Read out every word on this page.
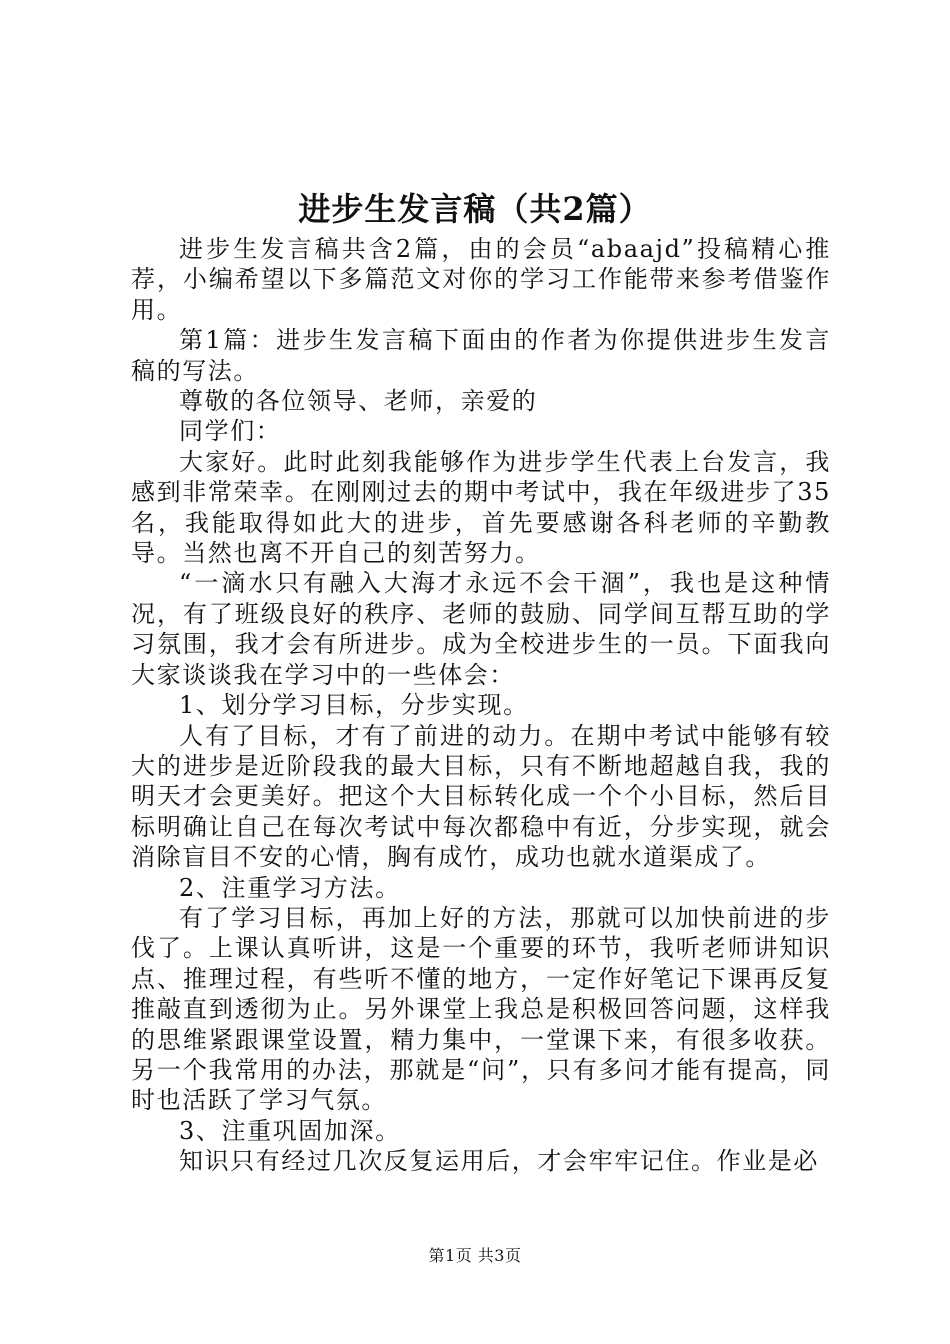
进步生发言稿（共2篇）

进步生发言稿共含2篇，由的会员“abaajd”投稿精心推荐，小编希望以下多篇范文对你的学习工作能带来参考借鉴作用。

第1篇：进步生发言稿下面由的作者为你提供进步生发言稿的写法。

尊敬的各位领导、老师，亲爱的

同学们：

大家好。此时此刻我能够作为进步学生代表上台发言，我感到非常荣幸。在刚刚过去的期中考试中，我在年级进步了35名，我能取得如此大的进步，首先要感谢各科老师的辛勤教导。当然也离不开自己的刻苦努力。

“一滴水只有融入大海才永远不会干涸”，我也是这种情况，有了班级良好的秩序、老师的鼓励、同学间互帮互助的学习氛围，我才会有所进步。成为全校进步生的一员。下面我向大家谈谈我在学习中的一些体会：

1、划分学习目标，分步实现。

人有了目标，才有了前进的动力。在期中考试中能够有较大的进步是近阶段我的最大目标，只有不断地超越自我，我的明天才会更美好。把这个大目标转化成一个个小目标，然后目标明确让自己在每次考试中每次都稳中有近，分步实现，就会消除盲目不安的心情，胸有成竹，成功也就水道渠成了。

2、注重学习方法。

有了学习目标，再加上好的方法，那就可以加快前进的步伐了。上课认真听讲，这是一个重要的环节，我听老师讲知识点、推理过程，有些听不懂的地方，一定作好笔记下课再反复推敲直到透彻为止。另外课堂上我总是积极回答问题，这样我的思维紧跟课堂设置，精力集中，一堂课下来，有很多收获。另一个我常用的办法，那就是“问”，只有多问才能有提高，同时也活跃了学习气氛。

3、注重巩固加深。

知识只有经过几次反复运用后，才会牢牢记住。作业是必

第1页 共3页
